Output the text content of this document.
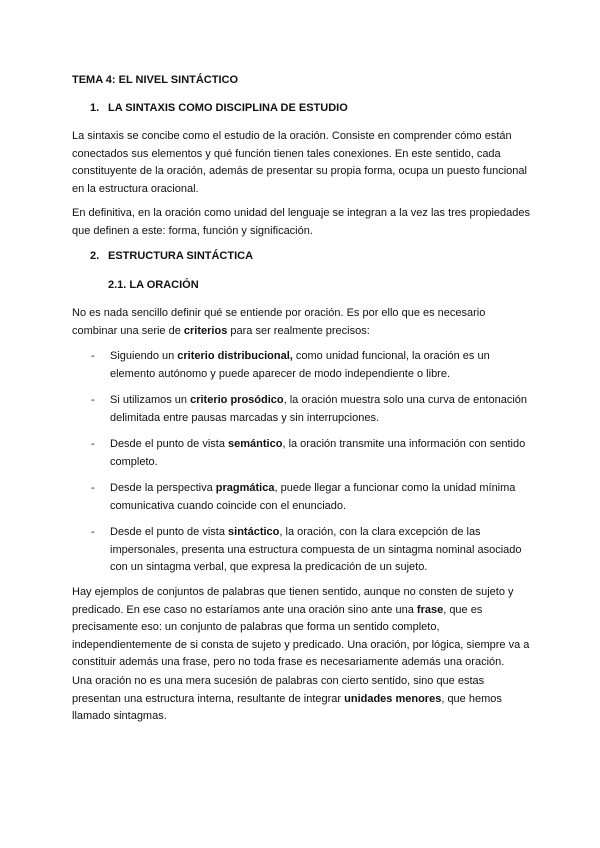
TEMA 4: EL NIVEL SINTÁCTICO
1. LA SINTAXIS COMO DISCIPLINA DE ESTUDIO
La sintaxis se concibe como el estudio de la oración. Consiste en comprender cómo están conectados sus elementos y qué función tienen tales conexiones. En este sentido, cada constituyente de la oración, además de presentar su propia forma, ocupa un puesto funcional en la estructura oracional.
En definitiva, en la oración como unidad del lenguaje se integran a la vez las tres propiedades que definen a este: forma, función y significación.
2. ESTRUCTURA SINTÁCTICA
2.1. LA ORACIÓN
No es nada sencillo definir qué se entiende por oración. Es por ello que es necesario combinar una serie de criterios para ser realmente precisos:
- Siguiendo un criterio distribucional, como unidad funcional, la oración es un elemento autónomo y puede aparecer de modo independiente o libre.
- Si utilizamos un criterio prosódico, la oración muestra solo una curva de entonación delimitada entre pausas marcadas y sin interrupciones.
- Desde el punto de vista semántico, la oración transmite una información con sentido completo.
- Desde la perspectiva pragmática, puede llegar a funcionar como la unidad mínima comunicativa cuando coincide con el enunciado.
- Desde el punto de vista sintáctico, la oración, con la clara excepción de las impersonales, presenta una estructura compuesta de un sintagma nominal asociado con un sintagma verbal, que expresa la predicación de un sujeto.
Hay ejemplos de conjuntos de palabras que tienen sentido, aunque no consten de sujeto y predicado. En ese caso no estaríamos ante una oración sino ante una frase, que es precisamente eso: un conjunto de palabras que forma un sentido completo, independientemente de si consta de sujeto y predicado. Una oración, por lógica, siempre va a constituir además una frase, pero no toda frase es necesariamente además una oración.
Una oración no es una mera sucesión de palabras con cierto sentido, sino que estas presentan una estructura interna, resultante de integrar unidades menores, que hemos llamado sintagmas.
